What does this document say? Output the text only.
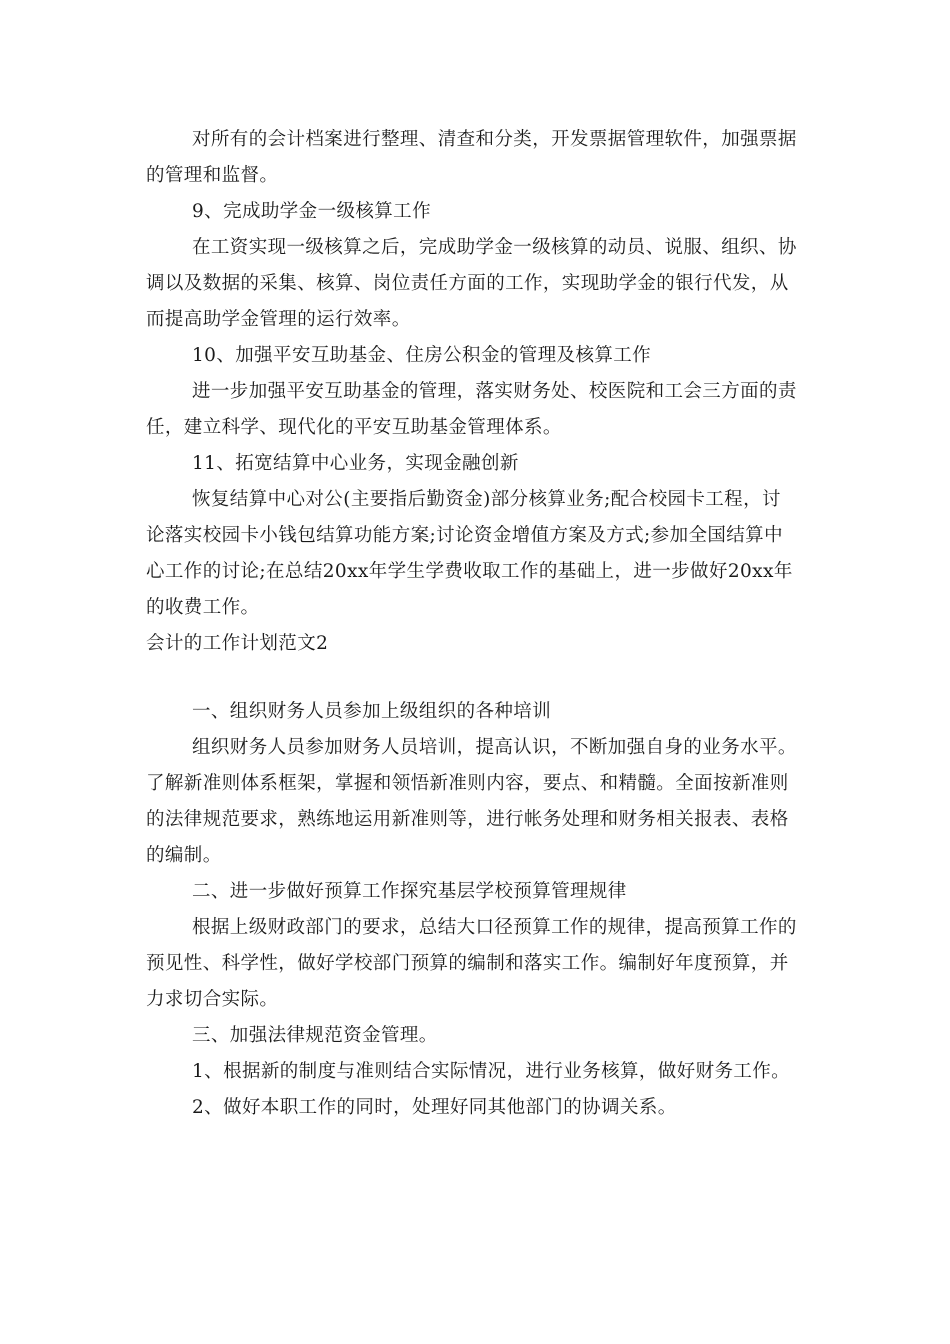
对所有的会计档案进行整理、清查和分类，开发票据管理软件，加强票据
的管理和监督。
9、完成助学金一级核算工作
在工资实现一级核算之后，完成助学金一级核算的动员、说服、组织、协
调以及数据的采集、核算、岗位责任方面的工作，实现助学金的银行代发，从
而提高助学金管理的运行效率。
10、加强平安互助基金、住房公积金的管理及核算工作
进一步加强平安互助基金的管理，落实财务处、校医院和工会三方面的责
任，建立科学、现代化的平安互助基金管理体系。
11、拓宽结算中心业务，实现金融创新
恢复结算中心对公(主要指后勤资金)部分核算业务;配合校园卡工程，讨
论落实校园卡小钱包结算功能方案;讨论资金增值方案及方式;参加全国结算中
心工作的讨论;在总结20xx年学生学费收取工作的基础上，进一步做好20xx年
的收费工作。
会计的工作计划范文2
一、组织财务人员参加上级组织的各种培训
组织财务人员参加财务人员培训，提高认识，不断加强自身的业务水平。
了解新准则体系框架，掌握和领悟新准则内容，要点、和精髓。全面按新准则
的法律规范要求，熟练地运用新准则等，进行帐务处理和财务相关报表、表格
的编制。
二、进一步做好预算工作探究基层学校预算管理规律
根据上级财政部门的要求，总结大口径预算工作的规律，提高预算工作的
预见性、科学性，做好学校部门预算的编制和落实工作。编制好年度预算，并
力求切合实际。
三、加强法律规范资金管理。
1、根据新的制度与准则结合实际情况，进行业务核算，做好财务工作。
2、做好本职工作的同时，处理好同其他部门的协调关系。
